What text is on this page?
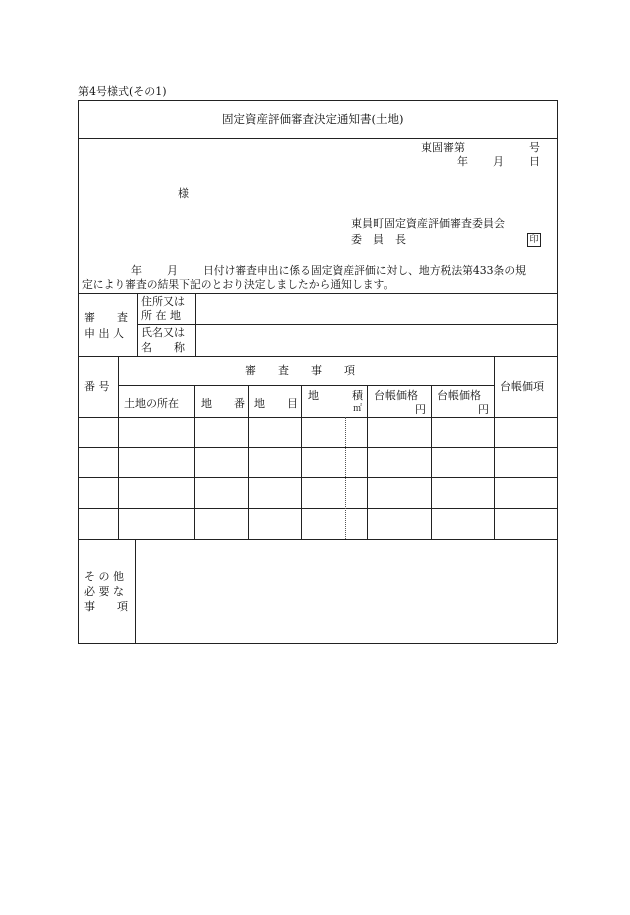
第4号様式(その1)
固定資産評価審査決定通知書(土地)
東固審第	号
年 月 日
様
東員町固定資産評価審査委員会
委　員　長	印
年 月 日付け審査申出に係る固定資産評価に対し、地方税法第433条の規
定により審査の結果下記のとおり決定しましたから通知します。
審　　査
申 出 人
住所又は
所 在 地
氏名又は
名　　称
番 号
審　　査　　事　　項
土地の所在 地　　番 地　　目
地　　　積
㎡
台帳価格
円
台帳価格
円
台帳価項
そ の 他
必 要 な
事　　項
